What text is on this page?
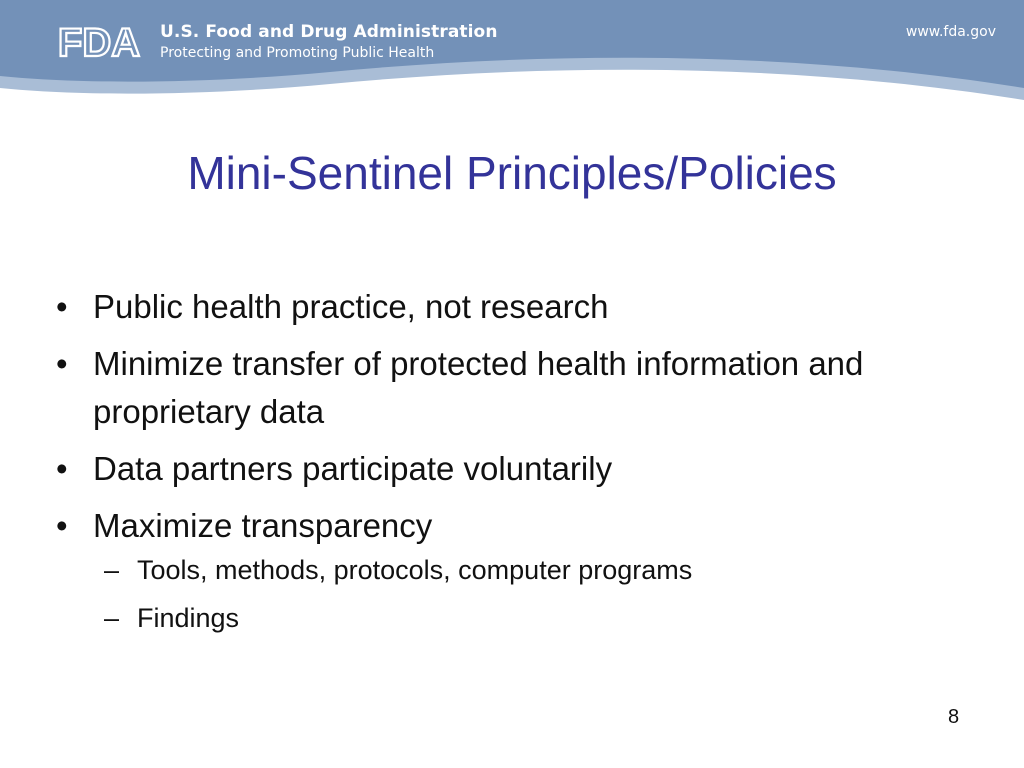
FDA U.S. Food and Drug Administration
Protecting and Promoting Public Health
www.fda.gov
Mini-Sentinel Principles/Policies
• Public health practice, not research
• Minimize transfer of protected health information and proprietary data
• Data partners participate voluntarily
• Maximize transparency
– Tools, methods, protocols, computer programs
– Findings
8
